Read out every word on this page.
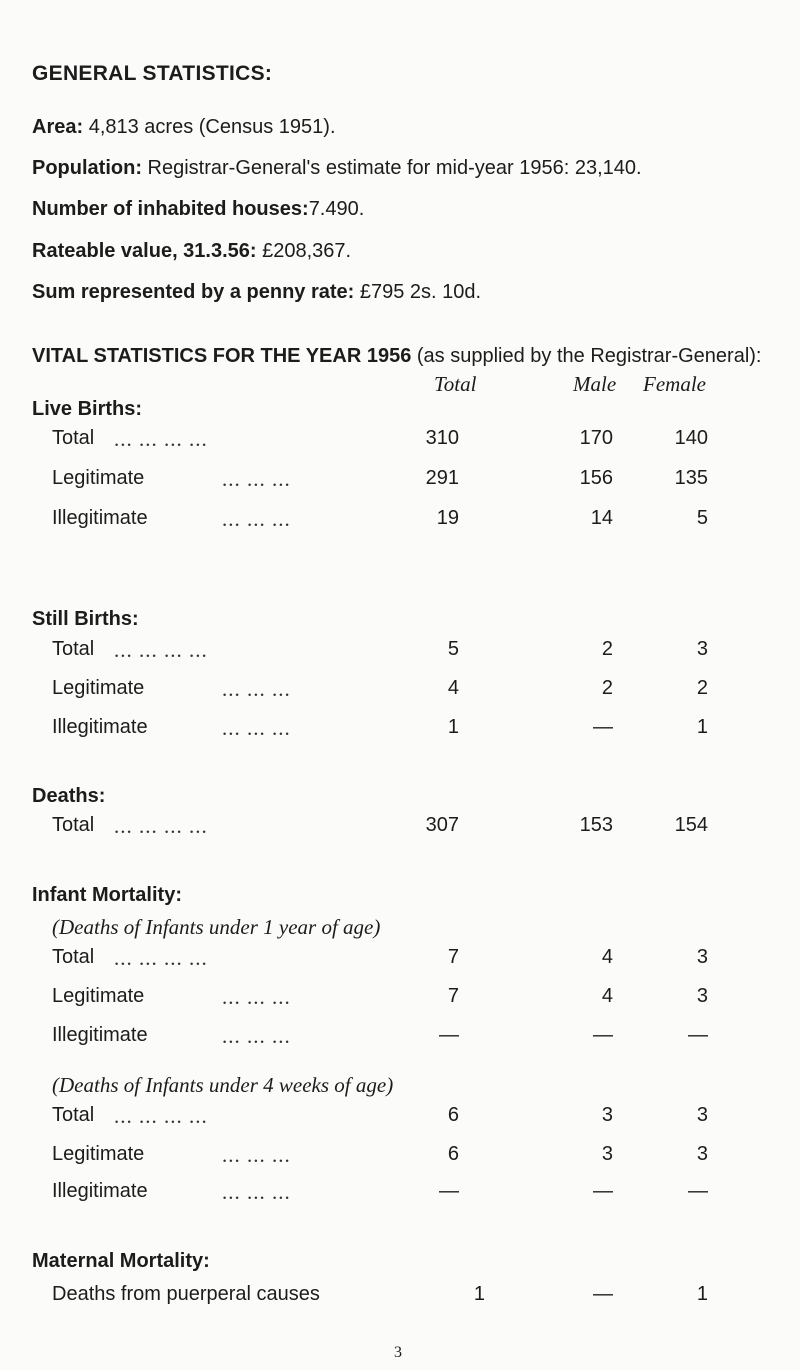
GENERAL STATISTICS:
Area: 4,813 acres (Census 1951).
Population: Registrar-General's estimate for mid-year 1956: 23,140.
Number of inhabited houses:7.490.
Rateable value, 31.3.56: £208,367.
Sum represented by a penny rate: £795 2s. 10d.
VITAL STATISTICS FOR THE YEAR 1956 (as supplied by the Registrar-General):
Total	Male Female
Live Births:
Total ... ... ... ...	310	170	140
Legitimate	... ... ...	291	156	135
Illegitimate	... ... ...	19	14	5
Still Births:
Total ... ... ... ...	5	2	3
Legitimate	... ... ...	4	2	2
Illegitimate	... ... ...	1	—	1
Deaths:
Total ... ... ... ...	307	153	154
Infant Mortality:
(Deaths of Infants under 1 year of age)
Total ... ... ... ...	7	4	3
Legitimate	... ... ...	7	4	3
Illegitimate	... ... ...	—	—	—
(Deaths of Infants under 4 weeks of age)
Total ... ... ... ...	6	3	3
Legitimate	... ... ...	6	3	3
Illegitimate	... ... ...	—	—	—
Maternal Mortality:
Deaths from puerperal causes	1	—	1
3
